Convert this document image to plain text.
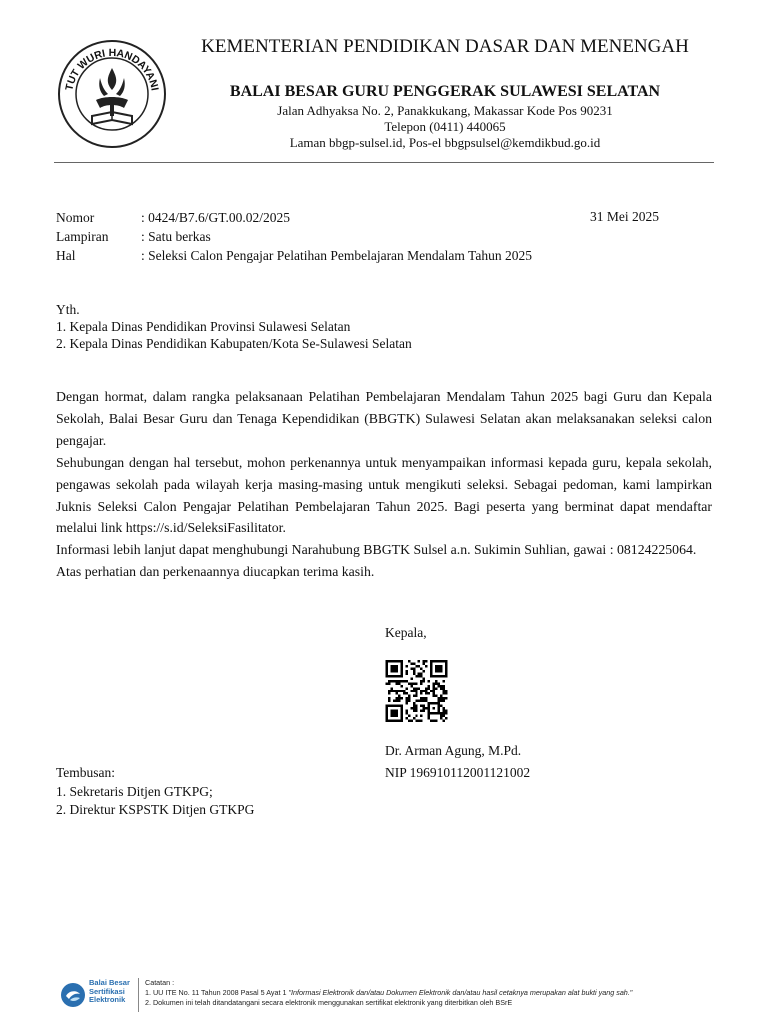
TUT WURI HANDAYANI
KEMENTERIAN PENDIDIKAN DASAR DAN MENENGAH
BALAI BESAR GURU PENGGERAK SULAWESI SELATAN
Jalan Adhyaksa No. 2, Panakkukang, Makassar Kode Pos 90231
Telepon (0411) 440065
Laman bbgp-sulsel.id, Pos-el bbgpsulsel@kemdikbud.go.id
Nomor	: 0424/B7.6/GT.00.02/2025	31 Mei 2025
Lampiran : Satu berkas
Hal	: Seleksi Calon Pengajar Pelatihan Pembelajaran Mendalam Tahun 2025
Yth.
1. Kepala Dinas Pendidikan Provinsi Sulawesi Selatan
2. Kepala Dinas Pendidikan Kabupaten/Kota Se-Sulawesi Selatan

Dengan hormat, dalam rangka pelaksanaan Pelatihan Pembelajaran Mendalam Tahun 2025 bagi Guru dan Kepala Sekolah, Balai Besar Guru dan Tenaga Kependidikan (BBGTK) Sulawesi Selatan akan melaksanakan seleksi calon pengajar.

Sehubungan dengan hal tersebut, mohon perkenannya untuk menyampaikan informasi kepada guru, kepala sekolah, pengawas sekolah pada wilayah kerja masing-masing untuk mengikuti seleksi. Sebagai pedoman, kami lampirkan Juknis Seleksi Calon Pengajar Pelatihan Pembelajaran Tahun 2025. Bagi peserta yang berminat dapat mendaftar melalui link https://s.id/SeleksiFasilitator.

Informasi lebih lanjut dapat menghubungi Narahubung BBGTK Sulsel a.n. Sukimin Suhlian, gawai : 08124225064.

Atas perhatian dan perkenaannya diucapkan terima kasih.

Kepala,
Dr. Arman Agung, M.Pd.
NIP 196910112001121002
Tembusan:
1. Sekretaris Ditjen GTKPG;
2. Direktur KSPSTK Ditjen GTKPG
Balai Besar
Sertifikasi
Elektronik
Catatan :
1. UU ITE No. 11 Tahun 2008 Pasal 5 Ayat 1 "Informasi Elektronik dan/atau Dokumen Elektronik dan/atau hasil cetaknya merupakan alat bukti yang sah."
2. Dokumen ini telah ditandatangani secara elektronik menggunakan sertifikat elektronik yang diterbitkan oleh BSrE
